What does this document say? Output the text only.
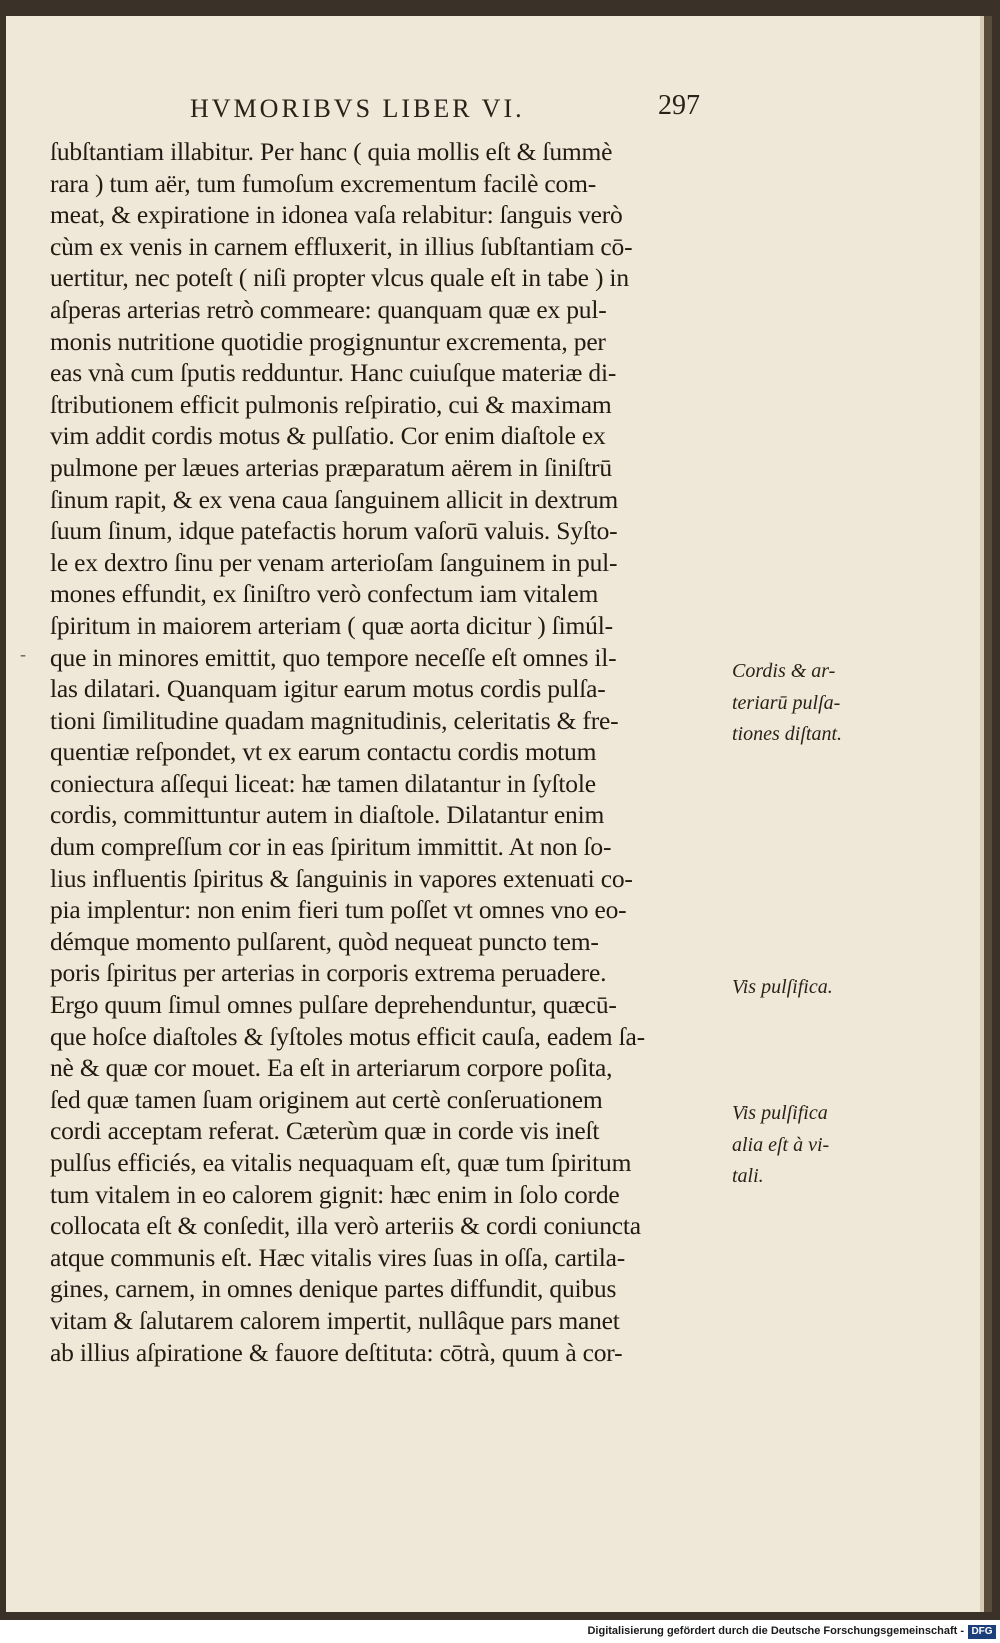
HVMORIBVS LIBER VI.	297
ſubſtantiam illabitur. Per hanc ( quia mollis eſt & ſummè
rara ) tum aër, tum fumoſum excrementum facilè com-
meat, & expiratione in idonea vaſa relabitur: ſanguis verò
cùm ex venis in carnem effluxerit, in illius ſubſtantiam cō-
uertitur, nec poteſt ( niſi propter vlcus quale eſt in tabe ) in
aſperas arterias retrò commeare: quanquam quæ ex pul-
monis nutritione quotidie progignuntur excrementa, per
eas vnà cum ſputis redduntur. Hanc cuiuſque materiæ di-
ſtributionem efficit pulmonis reſpiratio, cui & maximam
vim addit cordis motus & pulſatio. Cor enim diaſtole ex
pulmone per læues arterias præparatum aërem in ſiniſtrū
ſinum rapit, & ex vena caua ſanguinem allicit in dextrum
ſuum ſinum, idque patefactis horum vaſorū valuis. Syſto-
le ex dextro ſinu per venam arterioſam ſanguinem in pul-
mones effundit, ex ſiniſtro verò confectum iam vitalem
ſpiritum in maiorem arteriam ( quæ aorta dicitur ) ſimúl-
que in minores emittit, quo tempore neceſſe eſt omnes il-
las dilatari. Quanquam igitur earum motus cordis pulſa-
tioni ſimilitudine quadam magnitudinis, celeritatis & fre-
quentiæ reſpondet, vt ex earum contactu cordis motum
coniectura aſſequi liceat: hæ tamen dilatantur in ſyſtole
cordis, committuntur autem in diaſtole. Dilatantur enim
dum compreſſum cor in eas ſpiritum immittit. At non ſo-
lius influentis ſpiritus & ſanguinis in vapores extenuati co-
pia implentur: non enim fieri tum poſſet vt omnes vno eo-
démque momento pulſarent, quòd nequeat puncto tem-
poris ſpiritus per arterias in corporis extrema peruadere.
Ergo quum ſimul omnes pulſare deprehenduntur, quæcū-
que hoſce diaſtoles & ſyſtoles motus efficit cauſa, eadem ſa-
nè & quæ cor mouet. Ea eſt in arteriarum corpore poſita,
ſed quæ tamen ſuam originem aut certè conſeruationem
cordi acceptam referat. Cæterùm quæ in corde vis ineſt
pulſus efficiés, ea vitalis nequaquam eſt, quæ tum ſpiritum
tum vitalem in eo calorem gignit: hæc enim in ſolo corde
collocata eſt & conſedit, illa verò arteriis & cordi coniuncta
atque communis eſt. Hæc vitalis vires ſuas in oſſa, cartila-
gines, carnem, in omnes denique partes diffundit, quibus
vitam & ſalutarem calorem impertit, nullâque pars manet
ab illius aſpiratione & fauore deſtituta: cōtrà, quum à cor-
Cordis & ar-
teriarū pulſa-
tiones diſtant.
Vis pulſifica.
Vis pulſifica
alia eſt à vi-
tali.
-
Digitalisierung gefördert durch die Deutsche Forschungsgemeinschaft - DFG
